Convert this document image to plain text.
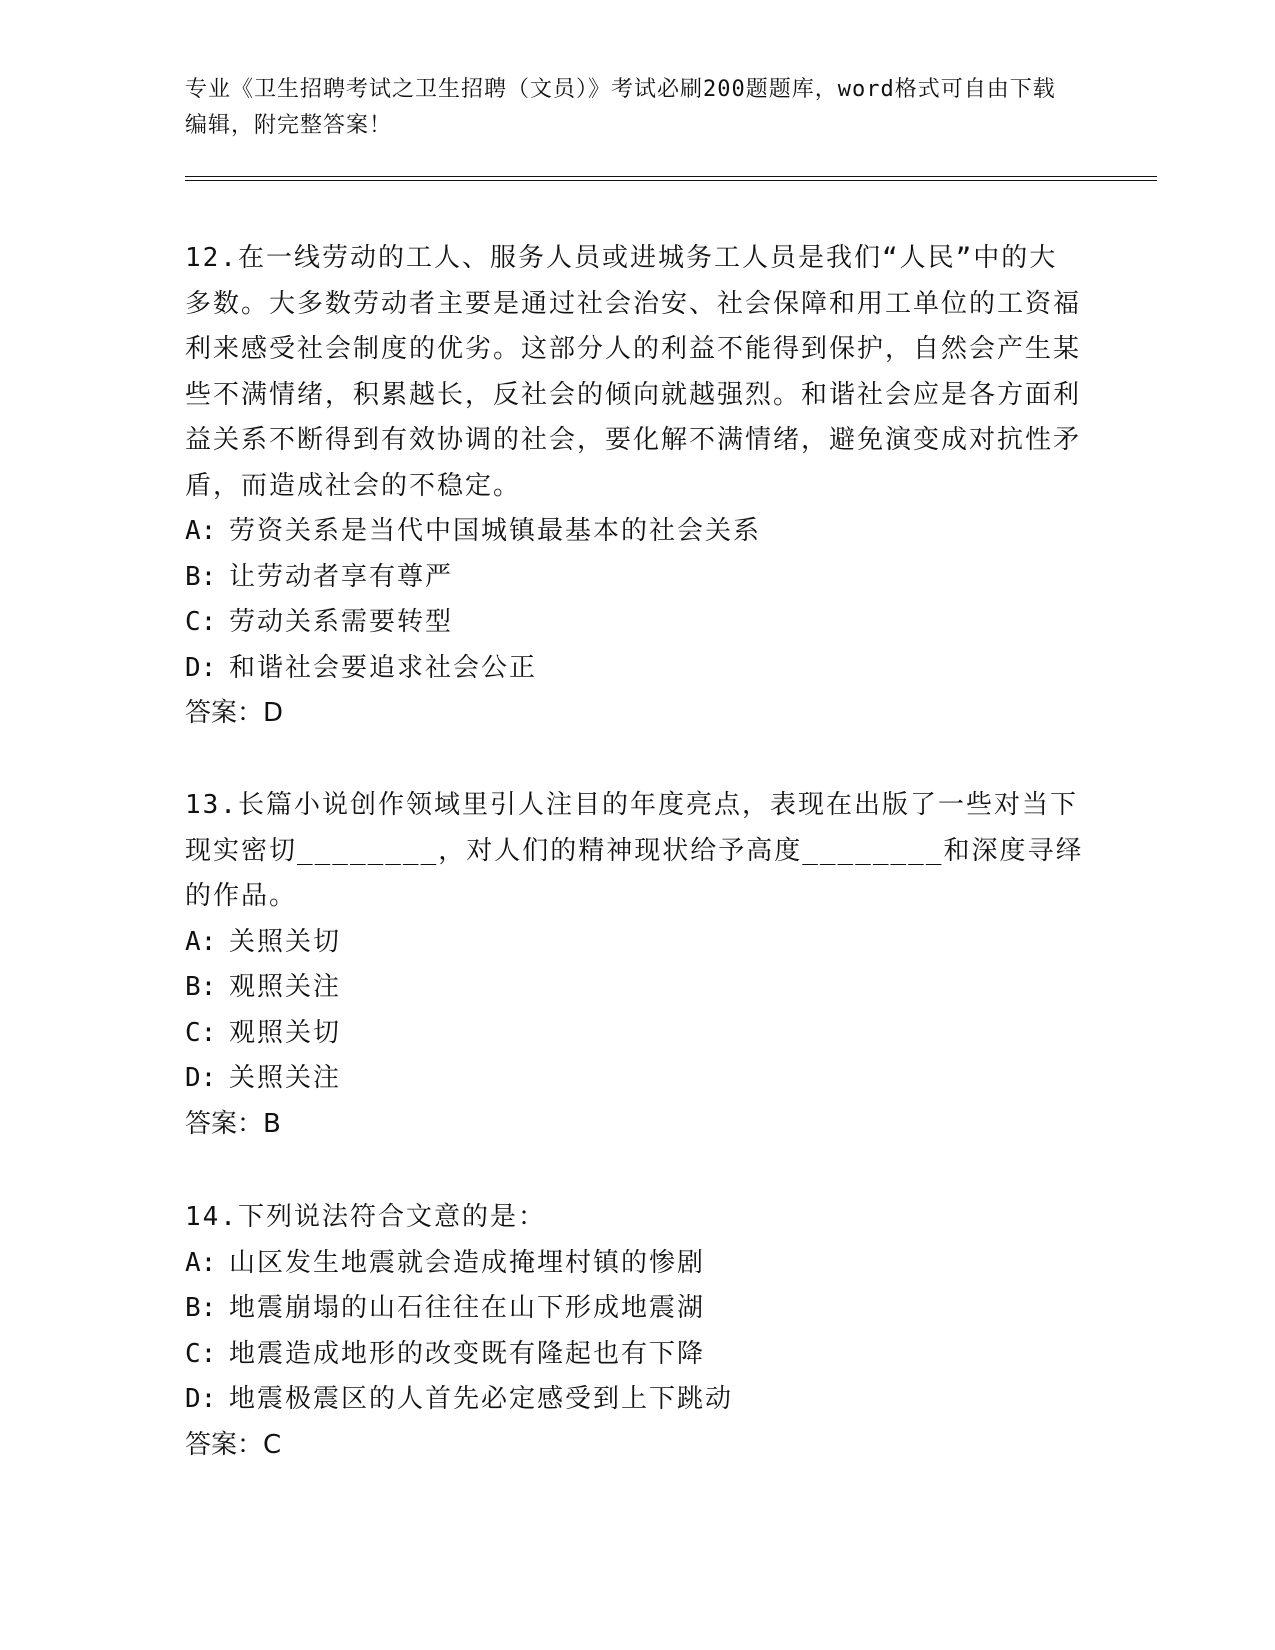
专业《卫生招聘考试之卫生招聘（文员）》考试必刷200题题库，word格式可自由下载编辑，附完整答案！

12.在一线劳动的工人、服务人员或进城务工人员是我们“人民”中的大多数。大多数劳动者主要是通过社会治安、社会保障和用工单位的工资福利来感受社会制度的优劣。这部分人的利益不能得到保护，自然会产生某些不满情绪，积累越长，反社会的倾向就越强烈。和谐社会应是各方面利益关系不断得到有效协调的社会，要化解不满情绪，避免演变成对抗性矛盾，而造成社会的不稳定。

A: 劳资关系是当代中国城镇最基本的社会关系

B: 让劳动者享有尊严

C: 劳动关系需要转型

D: 和谐社会要追求社会公正

答案：D

13.长篇小说创作领域里引人注目的年度亮点，表现在出版了一些对当下现实密切________，对人们的精神现状给予高度________和深度寻绎的作品。

A: 关照关切

B: 观照关注

C: 观照关切

D: 关照关注

答案：B

14.下列说法符合文意的是：

A: 山区发生地震就会造成掩埋村镇的惨剧

B: 地震崩塌的山石往往在山下形成地震湖

C: 地震造成地形的改变既有隆起也有下降

D: 地震极震区的人首先必定感受到上下跳动

答案：C
